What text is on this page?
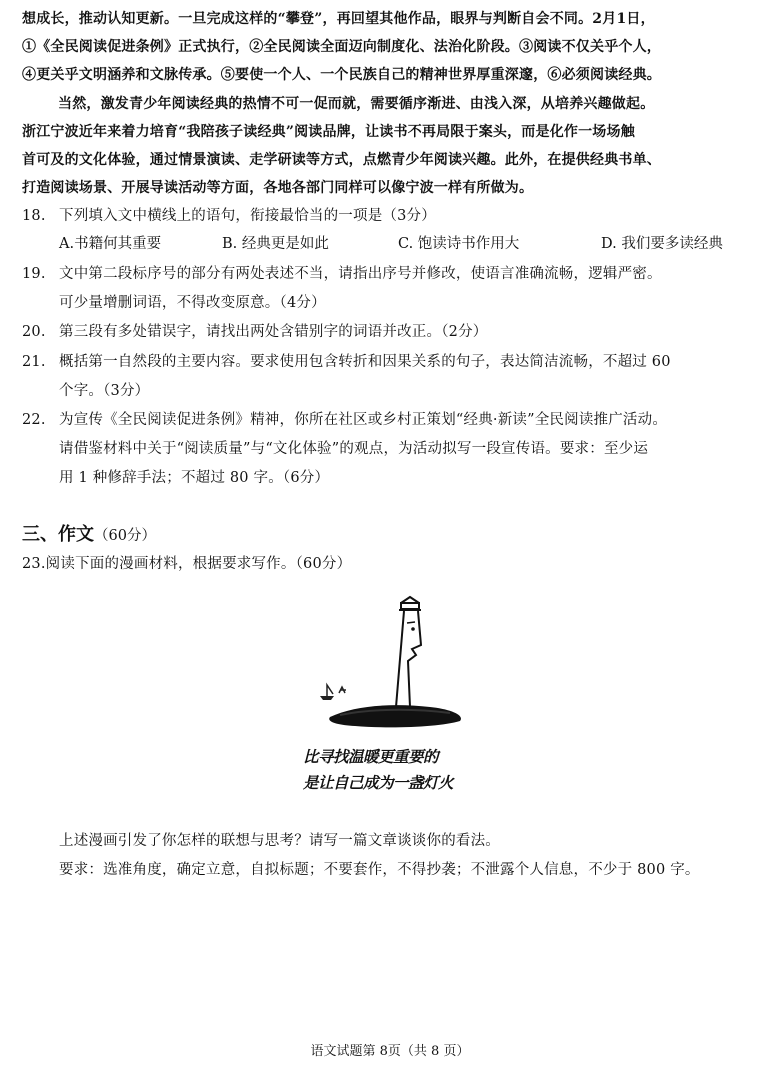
想成长，推动认知更新。一旦完成这样的“攀登”，再回望其他作品，眼界与判断自会不同。2月1日，
①《全民阅读促进条例》正式执行，②全民阅读全面迈向制度化、法治化阶段。③阅读不仅关乎个人，
④更关乎文明涵养和文脉传承。⑤要使一个人、一个民族自己的精神世界厚重深邃，⑥必须阅读经典。
当然，激发青少年阅读经典的热情不可一促而就，需要循序渐进、由浅入深，从培养兴趣做起。
浙江宁波近年来着力培育“我陪孩子读经典”阅读品牌，让读书不再局限于案头，而是化作一场场触
首可及的文化体验，通过情景演读、走学研读等方式，点燃青少年阅读兴趣。此外，在提供经典书单、
打造阅读场景、开展导读活动等方面，各地各部门同样可以像宁波一样有所做为。
18. 下列填入文中横线上的语句，衔接最恰当的一项是（3分）
A.书籍何其重要	B. 经典更是如此	C. 饱读诗书作用大	D. 我们要多读经典
19. 文中第二段标序号的部分有两处表述不当，请指出序号并修改，使语言准确流畅，逻辑严密。
可少量增删词语，不得改变原意。（4分）
20. 第三段有多处错误字，请找出两处含错别字的词语并改正。（2分）
21. 概括第一自然段的主要内容。要求使用包含转折和因果关系的句子，表达简洁流畅，不超过 60
个字。（3分）
22. 为宣传《全民阅读促进条例》精神，你所在社区或乡村正策划“经典·新读”全民阅读推广活动。
请借鉴材料中关于“阅读质量”与“文化体验”的观点，为活动拟写一段宣传语。要求：至少运
用 1 种修辞手法；不超过 80 字。（6分）
三、作文（60分）
23.阅读下面的漫画材料，根据要求写作。（60分）
比寻找温暖更重要的
是让自己成为一盏灯火
上述漫画引发了你怎样的联想与思考？请写一篇文章谈谈你的看法。
要求：选准角度，确定立意，自拟标题；不要套作，不得抄袭；不泄露个人信息，不少于 800 字。
语文试题第 8页（共 8 页）
